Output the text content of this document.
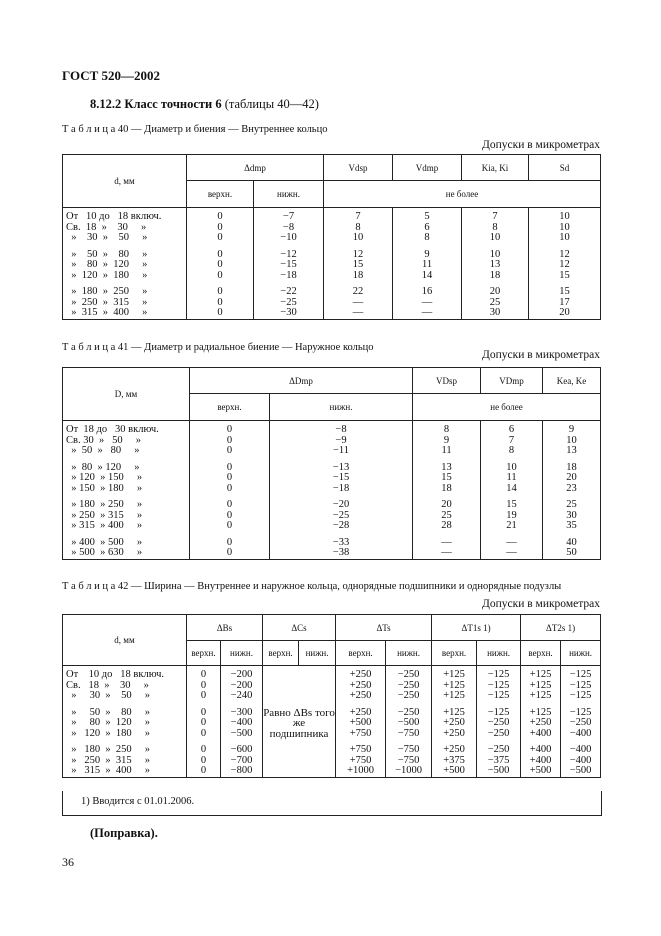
ГОСТ 520—2002
8.12.2 Класс точности 6 (таблицы 40—42)
Т а б л и ц а 40 — Диаметр и биения — Внутреннее кольцо
Допуски в микрометрах
d, мм	Δdmp		Vdsp	Vdmp	Kia, Ki	Sd
	верхн.	нижн.	не более			
От   10 до   18 включ.	0	−7	7	5	7	10
Св.  18  »    30     »	0	−8	8	6	8	10
»    30  »    50     »	0	−10	10	8	10	10
»    50  »    80     »	0	−12	12	9	10	12
»    80  »  120     »	0	−15	15	11	13	12
»  120  »  180     »	0	−18	18	14	18	15
»  180  »  250     »	0	−22	22	16	20	15
»  250  »  315     »	0	−25	—	—	25	17
»  315  »  400     »	0	−30	—	—	30	20
Т а б л и ц а 41 — Диаметр и радиальное биение — Наружное кольцо
Допуски в микрометрах
D, мм	ΔDmp		VDsp	VDmp	Kea, Ke
	верхн.	нижн.	не более		
От  18 до   30 включ.	0	−8	8	6	9
Св. 30  »   50     »	0	−9	9	7	10
»  50  »   80     »	0	−11	11	8	13
»  80  » 120     »	0	−13	13	10	18
» 120  » 150     »	0	−15	15	11	20
» 150  » 180     »	0	−18	18	14	23
» 180  » 250     »	0	−20	20	15	25
» 250  » 315     »	0	−25	25	19	30
» 315  » 400     »	0	−28	28	21	35
» 400  » 500     »	0	−33	—	—	40
» 500  » 630     »	0	−38	—	—	50
Т а б л и ц а 42 — Ширина — Внутреннее и наружное кольца, однорядные подшипники и однорядные подузлы
Допуски в микрометрах
d, мм	ΔBs		ΔCs		ΔTs		ΔT1s 1)		ΔT2s 1)	
	верхн.	нижн.	верхн.	нижн.	верхн.	нижн.	верхн.	нижн.	верхн.	нижн.
От    10 до   18 включ.	0	−200	Равно ΔBs того же подшипника		+250	−250	+125	−125	+125	−125
Св.   18  »    30     »	0	−200			+250	−250	+125	−125	+125	−125
»     30  »    50     »	0	−240			+250	−250	+125	−125	+125	−125
»     50  »    80     »	0	−300			+250	−250	+125	−125	+125	−125
»     80  »  120     »	0	−400			+500	−500	+250	−250	+250	−250
»   120  »  180     »	0	−500			+750	−750	+250	−250	+400	−400
»   180  »  250     »	0	−600			+750	−750	+250	−250	+400	−400
»   250  »  315     »	0	−700			+750	−750	+375	−375	+400	−400
»   315  »  400     »	0	−800			+1000	−1000	+500	−500	+500	−500
1) Вводится с 01.01.2006.
(Поправка).
36
